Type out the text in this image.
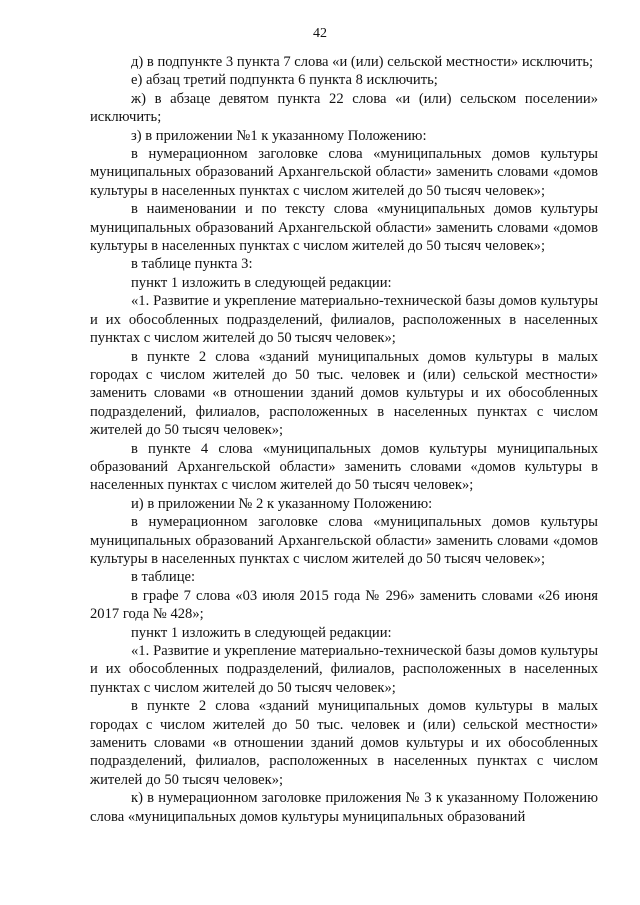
42

д) в подпункте 3 пункта 7 слова «и (или) сельской местности» исключить;

е) абзац третий подпункта 6 пункта 8 исключить;

ж) в абзаце девятом пункта 22 слова «и (или) сельском поселении» исключить;

з) в приложении №1 к указанному Положению:

в нумерационном заголовке слова «муниципальных домов культуры муниципальных образований Архангельской области» заменить словами «домов культуры в населенных пунктах с числом жителей до 50 тысяч человек»;

в наименовании и по тексту слова «муниципальных домов культуры муниципальных образований Архангельской области» заменить словами «домов культуры в населенных пунктах с числом жителей до 50 тысяч человек»;

в таблице пункта 3:

пункт 1 изложить в следующей редакции:

«1. Развитие и укрепление материально-технической базы домов культуры и их обособленных подразделений, филиалов, расположенных в населенных пунктах с числом жителей до 50 тысяч человек»;

в пункте 2 слова «зданий муниципальных домов культуры в малых городах с числом жителей до 50 тыс. человек и (или) сельской местности» заменить словами «в отношении зданий домов культуры и их обособленных подразделений, филиалов, расположенных в населенных пунктах с числом жителей до 50 тысяч человек»;

в пункте 4 слова «муниципальных домов культуры муниципальных образований Архангельской области» заменить словами «домов культуры в населенных пунктах с числом жителей до 50 тысяч человек»;

и) в приложении № 2 к указанному Положению:

в нумерационном заголовке слова «муниципальных домов культуры муниципальных образований Архангельской области» заменить словами «домов культуры в населенных пунктах с числом жителей до 50 тысяч человек»;

в таблице:

в графе 7 слова «03 июля 2015 года № 296» заменить словами «26 июня 2017 года № 428»;

пункт 1 изложить в следующей редакции:

«1. Развитие и укрепление материально-технической базы домов культуры и их обособленных подразделений, филиалов, расположенных в населенных пунктах с числом жителей до 50 тысяч человек»;

в пункте 2 слова «зданий муниципальных домов культуры в малых городах с числом жителей до 50 тыс. человек и (или) сельской местности» заменить словами «в отношении зданий домов культуры и их обособленных подразделений, филиалов, расположенных в населенных пунктах с числом жителей до 50 тысяч человек»;

к) в нумерационном заголовке приложения № 3 к указанному Положению слова «муниципальных домов культуры муниципальных образований
